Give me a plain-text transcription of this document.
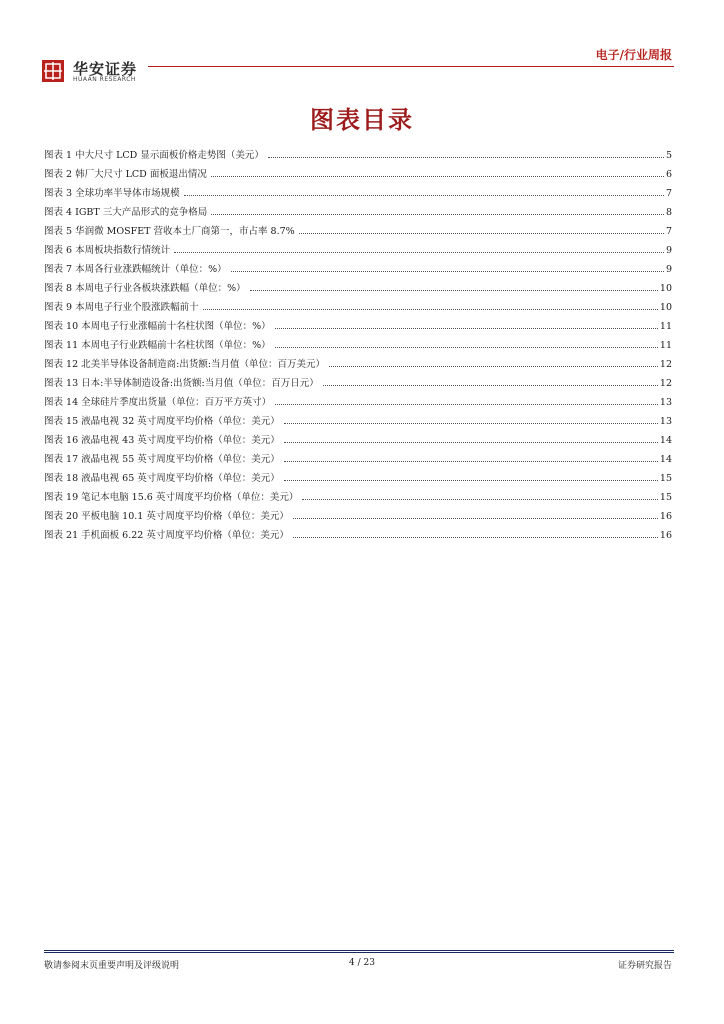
华安证券
HUAAN RESEARCH
电子/行业周报
图表目录
图表 1 中大尺寸 LCD 显示面板价格走势图（美元）	5
图表 2 韩厂大尺寸 LCD 面板退出情况	6
图表 3 全球功率半导体市场规模	7
图表 4 IGBT 三大产品形式的竞争格局	8
图表 5 华润微 MOSFET 营收本土厂商第一，市占率 8.7%	7
图表 6 本周板块指数行情统计	9
图表 7 本周各行业涨跌幅统计（单位：%）	9
图表 8 本周电子行业各板块涨跌幅（单位：%）	10
图表 9 本周电子行业个股涨跌幅前十	10
图表 10 本周电子行业涨幅前十名柱状图（单位：%）	11
图表 11 本周电子行业跌幅前十名柱状图（单位：%）	11
图表 12 北美半导体设备制造商:出货额:当月值（单位：百万美元）	12
图表 13 日本:半导体制造设备:出货额:当月值（单位：百万日元）	12
图表 14 全球硅片季度出货量（单位：百万平方英寸）	13
图表 15 液晶电视 32 英寸周度平均价格（单位：美元）	13
图表 16 液晶电视 43 英寸周度平均价格（单位：美元）	14
图表 17 液晶电视 55 英寸周度平均价格（单位：美元）	14
图表 18 液晶电视 65 英寸周度平均价格（单位：美元）	15
图表 19 笔记本电脑 15.6 英寸周度平均价格（单位：美元）	15
图表 20 平板电脑 10.1 英寸周度平均价格（单位：美元）	16
图表 21 手机面板 6.22 英寸周度平均价格（单位：美元）	16
敬请参阅末页重要声明及评级说明	4 / 23	证券研究报告
